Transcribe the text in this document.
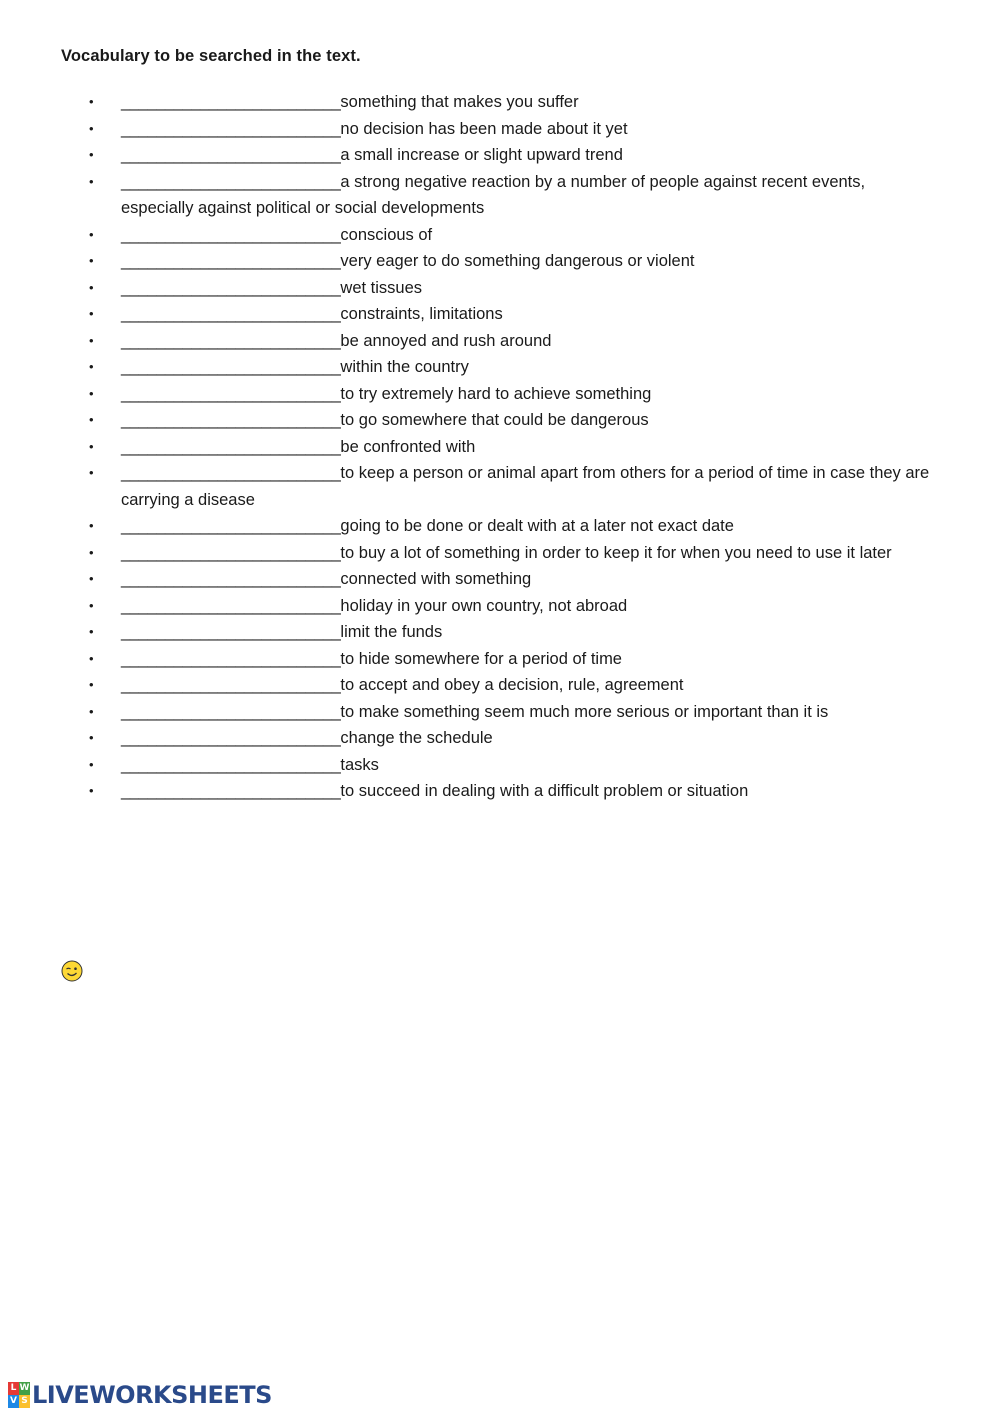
Vocabulary to be searched in the text.
• _________________________something that makes you suffer
• _________________________no decision has been made about it yet
• _________________________a small increase or slight upward trend
• _________________________a strong negative reaction by a number of people against recent events, especially against political or social developments
• _________________________conscious of
• _________________________very eager to do something dangerous or violent
• _________________________wet tissues
• _________________________constraints, limitations
• _________________________be annoyed and rush around
• _________________________within the country
• _________________________to try extremely hard to achieve something
• _________________________to go somewhere that could be dangerous
• _________________________be confronted with
• _________________________to keep a person or animal apart from others for a period of time in case they are carrying a disease
• _________________________going to be done or dealt with at a later not exact date
• _________________________to buy a lot of something in order to keep it for when you need to use it later
• _________________________connected with something
• _________________________holiday in your own country, not abroad
• _________________________limit the funds
• _________________________to hide somewhere for a period of time
• _________________________to accept and obey a decision, rule, agreement
• _________________________to make something seem much more serious or important than it is
• _________________________change the schedule
• _________________________tasks
• _________________________to succeed in dealing with a difficult problem or situation
L W
V S LIVEWORKSHEETS
